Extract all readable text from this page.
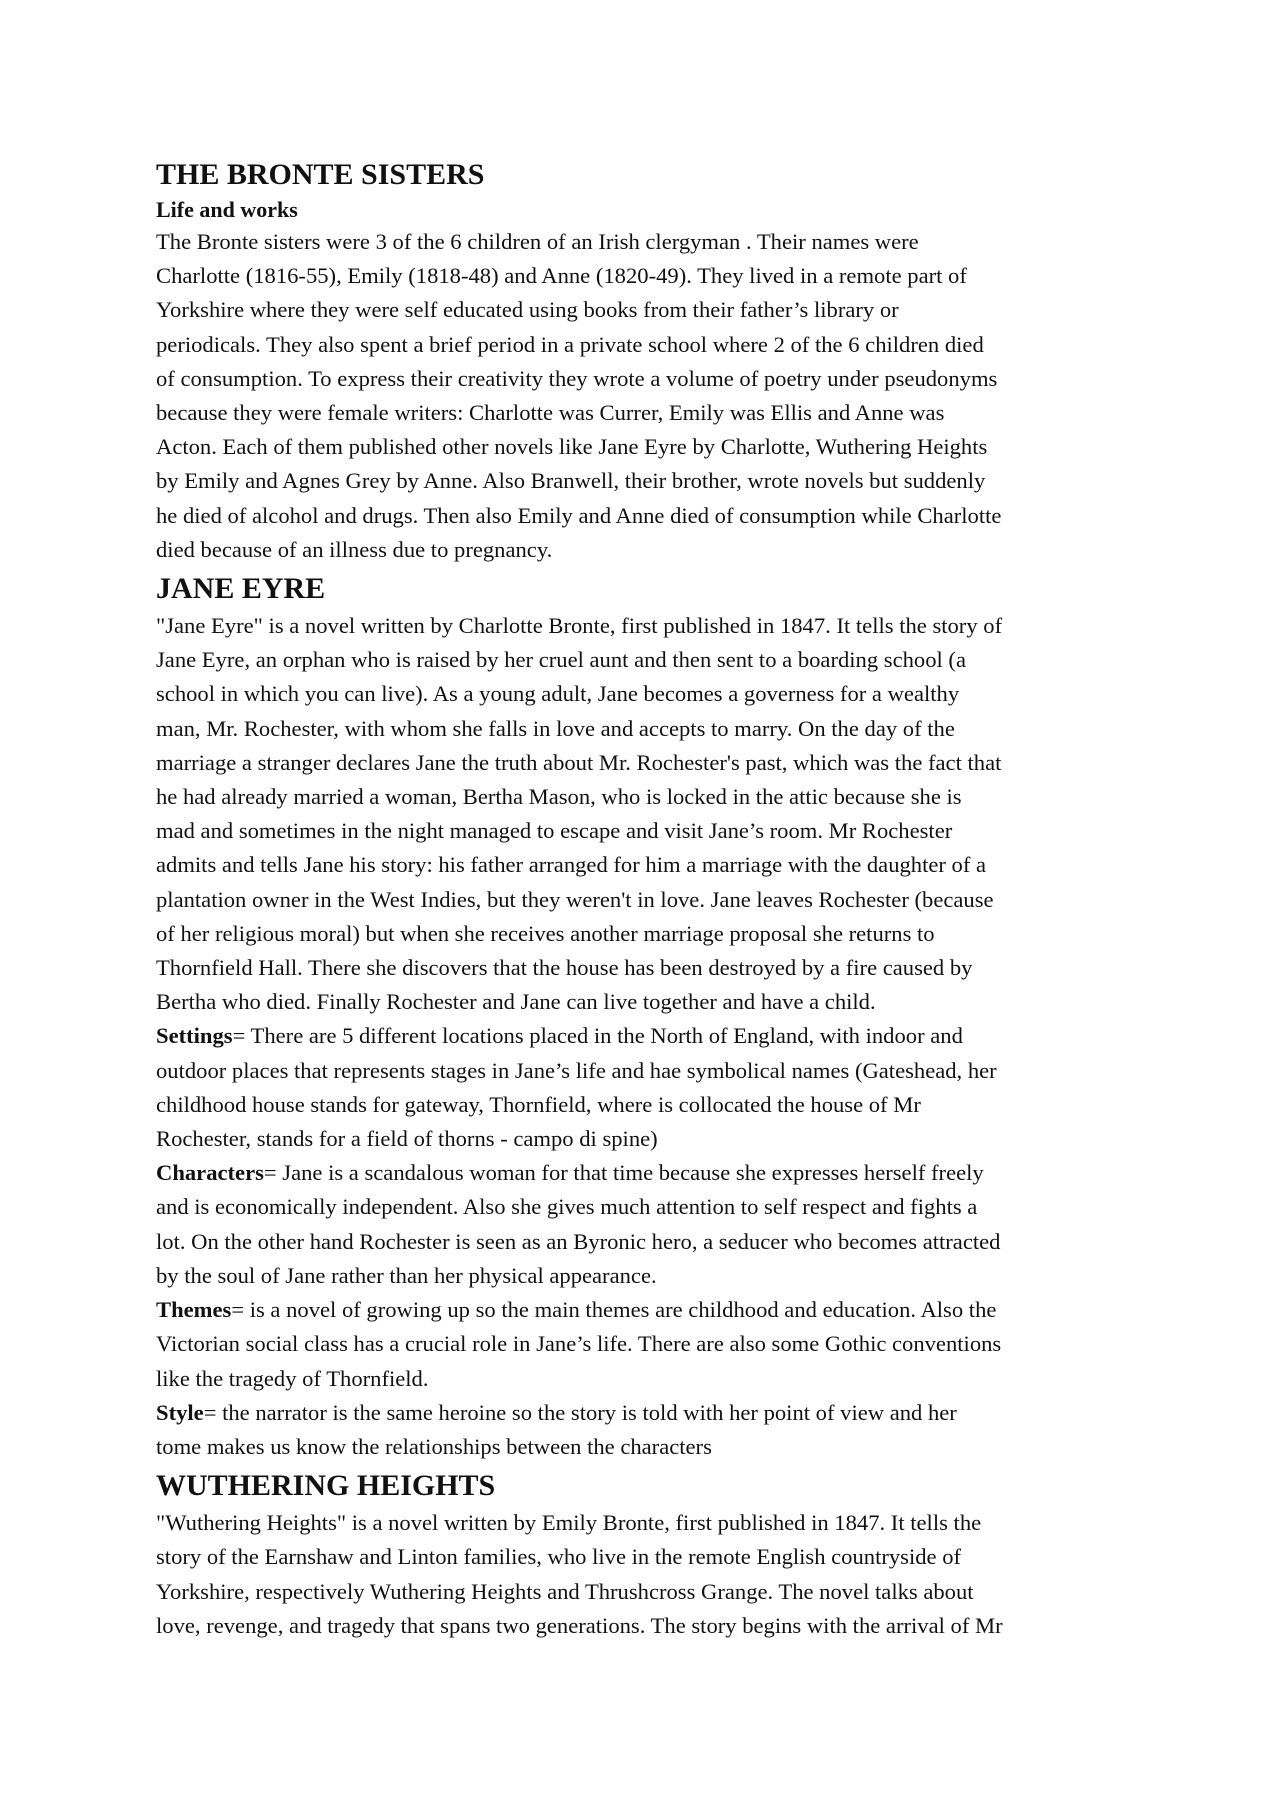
THE BRONTE SISTERS
Life and works
The Bronte sisters were 3 of the 6 children of an Irish clergyman . Their names were
Charlotte (1816-55), Emily (1818-48) and Anne (1820-49). They lived in a remote part of
Yorkshire where they were self educated using books from their father’s library or
periodicals. They also spent a brief period in a private school where 2 of the 6 children died
of consumption. To express their creativity they wrote a volume of poetry under pseudonyms
because they were female writers: Charlotte was Currer, Emily was Ellis and Anne was
Acton. Each of them published other novels like Jane Eyre by Charlotte, Wuthering Heights
by Emily and Agnes Grey by Anne. Also Branwell, their brother, wrote novels but suddenly
he died of alcohol and drugs. Then also Emily and Anne died of consumption while Charlotte
died because of an illness due to pregnancy.
JANE EYRE
"Jane Eyre" is a novel written by Charlotte Bronte, first published in 1847. It tells the story of
Jane Eyre, an orphan who is raised by her cruel aunt and then sent to a boarding school (a
school in which you can live). As a young adult, Jane becomes a governess for a wealthy
man, Mr. Rochester, with whom she falls in love and accepts to marry. On the day of the
marriage a stranger declares Jane the truth about Mr. Rochester's past, which was the fact that
he had already married a woman, Bertha Mason, who is locked in the attic because she is
mad and sometimes in the night managed to escape and visit Jane’s room. Mr Rochester
admits and tells Jane his story: his father arranged for him a marriage with the daughter of a
plantation owner in the West Indies, but they weren't in love. Jane leaves Rochester (because
of her religious moral) but when she receives another marriage proposal she returns to
Thornfield Hall. There she discovers that the house has been destroyed by a fire caused by
Bertha who died. Finally Rochester and Jane can live together and have a child.
Settings= There are 5 different locations placed in the North of England, with indoor and
outdoor places that represents stages in Jane’s life and hae symbolical names (Gateshead, her
childhood house stands for gateway, Thornfield, where is collocated the house of Mr
Rochester, stands for a field of thorns - campo di spine)
Characters= Jane is a scandalous woman for that time because she expresses herself freely
and is economically independent. Also she gives much attention to self respect and fights a
lot. On the other hand Rochester is seen as an Byronic hero, a seducer who becomes attracted
by the soul of Jane rather than her physical appearance.
Themes= is a novel of growing up so the main themes are childhood and education. Also the
Victorian social class has a crucial role in Jane’s life. There are also some Gothic conventions
like the tragedy of Thornfield.
Style= the narrator is the same heroine so the story is told with her point of view and her
tome makes us know the relationships between the characters
WUTHERING HEIGHTS
"Wuthering Heights" is a novel written by Emily Bronte, first published in 1847. It tells the
story of the Earnshaw and Linton families, who live in the remote English countryside of
Yorkshire, respectively Wuthering Heights and Thrushcross Grange. The novel talks about
love, revenge, and tragedy that spans two generations. The story begins with the arrival of Mr
